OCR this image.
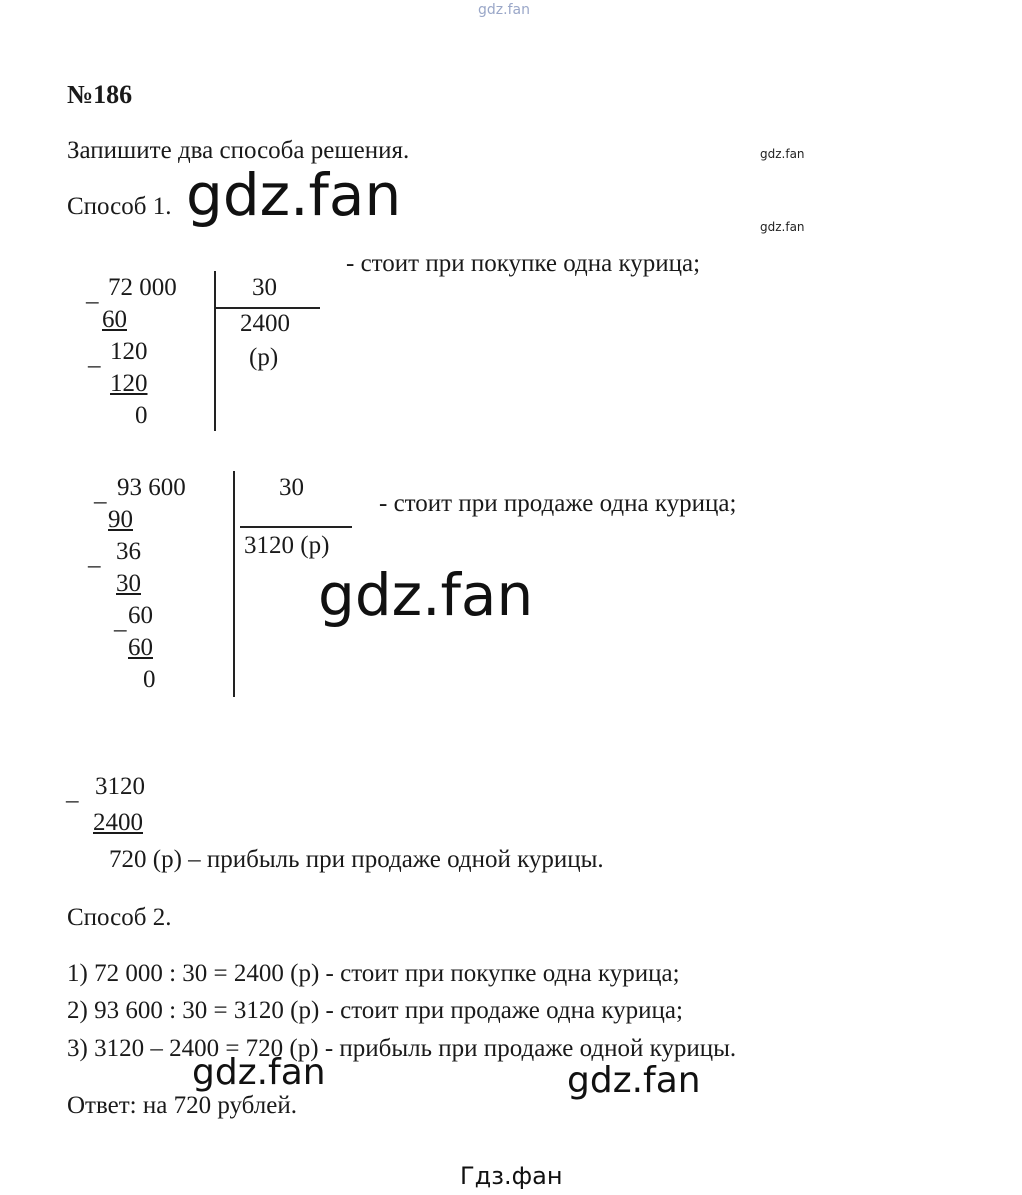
gdz.fan
№186
Запишите два способа решения.	gdz.fan
Способ 1. gdz.fan	gdz.fan
_ 72 000
60
_ 120
120
0
30
2400
(р)
- стоит при покупке одна курица;
_ 93 600
90
_ 36
30
_ 60
60
0
30
3120 (р)
- стоит при продаже одна курица;
gdz.fan
_ 3120
2400
720 (р) – прибыль при продаже одной курицы.
Способ 2.
1) 72 000 : 30 = 2400 (р) - стоит при покупке одна курица;
2) 93 600 : 30 = 3120 (р) - стоит при продаже одна курица;
3) 3120 – 2400 = 720 (р) - прибыль при продаже одной курицы.
gdz.fan	gdz.fan
Ответ: на 720 рублей.
Гдз.фан
